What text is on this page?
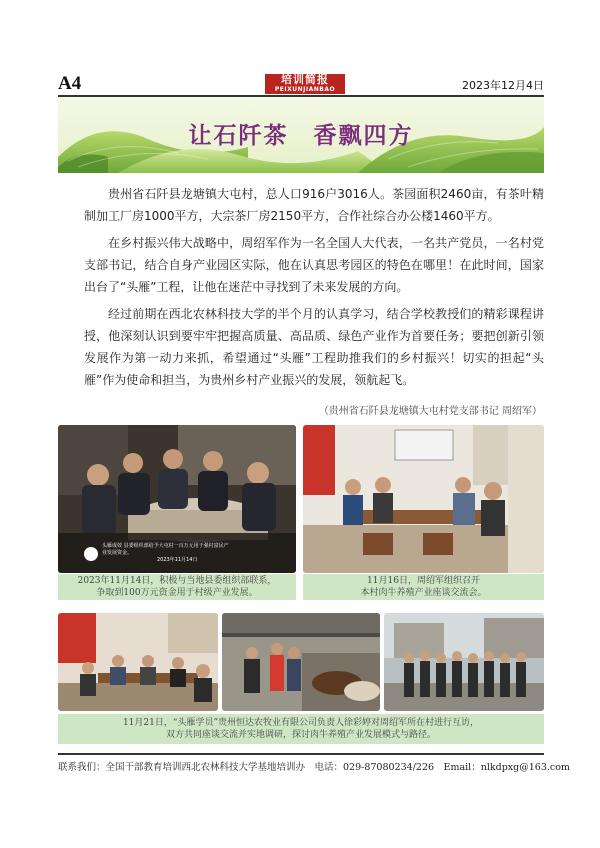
A4	培训简报
PEIXUNJIANBAO	2023年12月4日
让石阡茶　香飘四方

贵州省石阡县龙塘镇大屯村，总人口916户3016人。茶园面积2460亩，有茶叶精制加工厂房1000平方，大宗茶厂房2150平方，合作社综合办公楼1460平方。

在乡村振兴伟大战略中，周绍军作为一名全国人大代表，一名共产党员，一名村党支部书记，结合自身产业园区实际，他在认真思考园区的特色在哪里！在此时间，国家出台了“头雁”工程，让他在迷茫中寻找到了未来发展的方向。

经过前期在西北农林科技大学的半个月的认真学习，结合学校教授们的精彩课程讲授，他深刻认识到要牢牢把握高质量、高品质、绿色产业作为首要任务；要把创新引领发展作为第一动力来抓，希望通过“头雁”工程助推我们的乡村振兴！切实的担起“头雁”作为使命和担当，为贵州乡村产业振兴的发展，领航起飞。

（贵州省石阡县龙塘镇大屯村党支部书记 周绍军）
头雁成效 县委组织部给予大屯村一百万元用于强村富民产业发展资金。
2023年11月14日
2023年11月14日，积极与当地县委组织部联系，
争取到100万元资金用于村级产业发展。
11月16日，周绍军组织召开
本村肉牛养殖产业座谈交流会。
11月21日，“头雁学员”贵州恒达农牧业有限公司负责人徐彩婷对周绍军所在村进行互访，
双方共同座谈交流并实地调研，探讨肉牛养殖产业发展模式与路径。
联系我们：全国干部教育培训西北农林科技大学基地培训办　电话：029-87080234/226　Email：nlkdpxg@163.com
